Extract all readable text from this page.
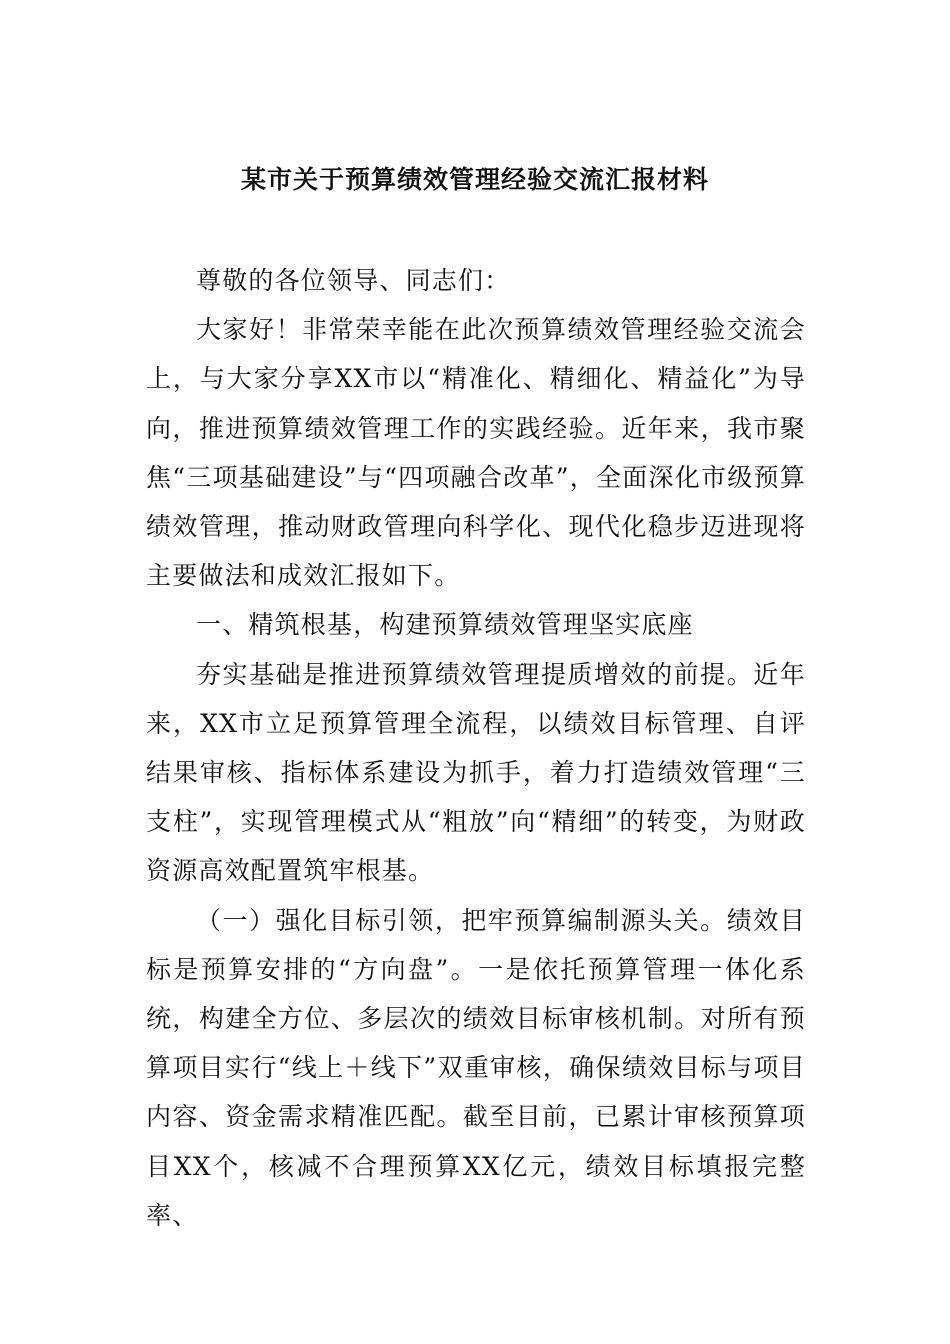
某市关于预算绩效管理经验交流汇报材料

尊敬的各位领导、同志们：

大家好！非常荣幸能在此次预算绩效管理经验交流会上，与大家分享XX市以“精准化、精细化、精益化”为导向，推进预算绩效管理工作的实践经验。近年来，我市聚焦“三项基础建设”与“四项融合改革”，全面深化市级预算绩效管理，推动财政管理向科学化、现代化稳步迈进现将主要做法和成效汇报如下。

一、精筑根基，构建预算绩效管理坚实底座

夯实基础是推进预算绩效管理提质增效的前提。近年来，XX市立足预算管理全流程，以绩效目标管理、自评结果审核、指标体系建设为抓手，着力打造绩效管理“三支柱”，实现管理模式从“粗放”向“精细”的转变，为财政资源高效配置筑牢根基。

（一）强化目标引领，把牢预算编制源头关。绩效目标是预算安排的“方向盘”。一是依托预算管理一体化系统，构建全方位、多层次的绩效目标审核机制。对所有预算项目实行“线上＋线下”双重审核，确保绩效目标与项目内容、资金需求精准匹配。截至目前，已累计审核预算项目XX个，核减不合理预算XX亿元，绩效目标填报完整率、
